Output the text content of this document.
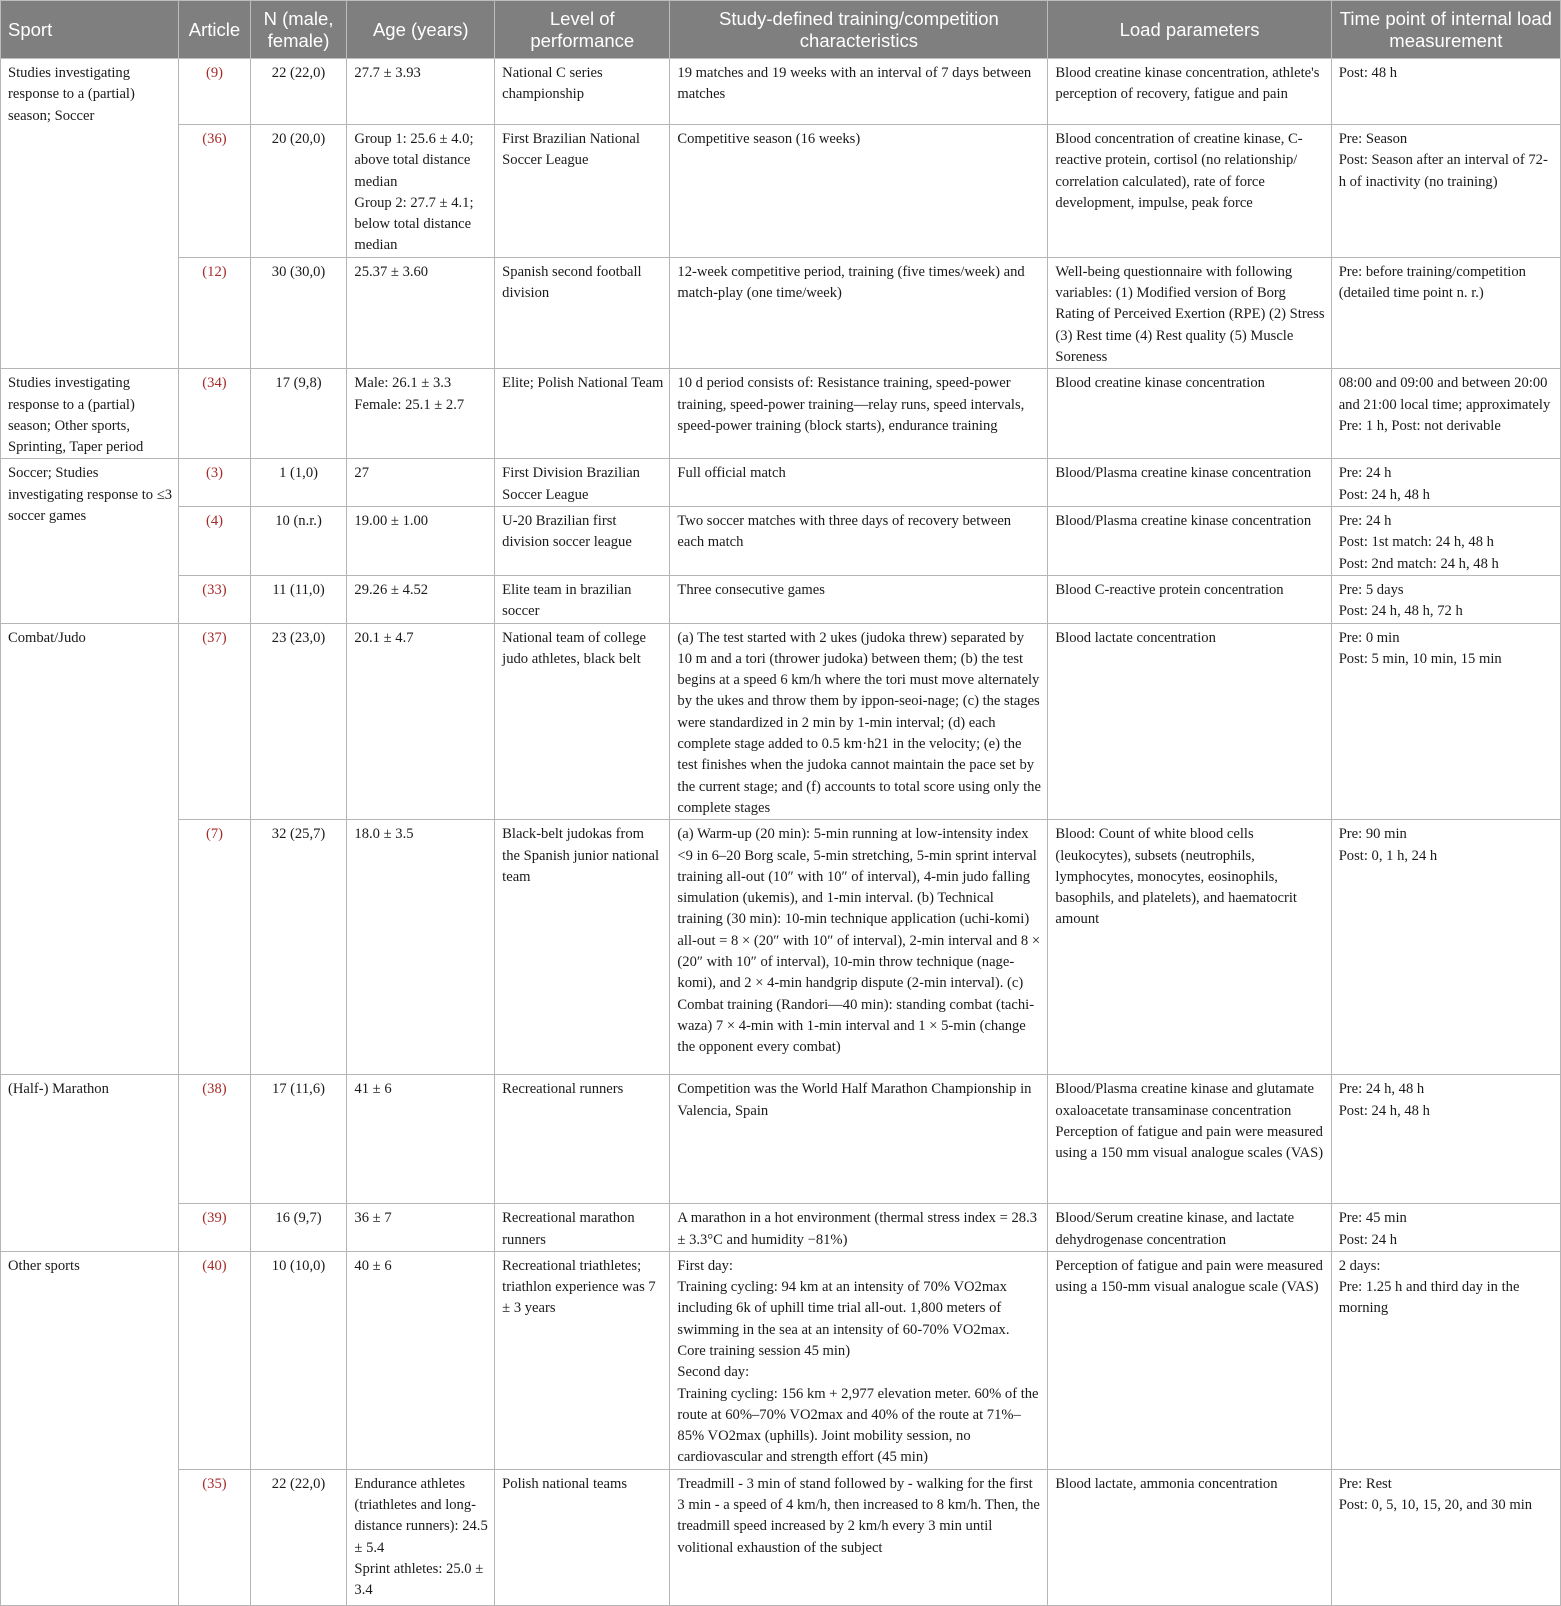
Sport	Article	N (male, female)	Age (years)	Level of performance	Study-defined training/competition characteristics	Load parameters	Time point of internal load measurement
Studies investigating response to a (partial) season; Soccer	(9)	22 (22,0)	27.7 ± 3.93	National C series championship	19 matches and 19 weeks with an interval of 7 days between matches	Blood creatine kinase concentration, athlete's perception of recovery, fatigue and pain	Post: 48 h

	(36)	20 (20,0)	Group 1: 25.6 ± 4.0; above total distance median
Group 2: 27.7 ± 4.1; below total distance median	First Brazilian National Soccer League	Competitive season (16 weeks)	Blood concentration of creatine kinase, C-reactive protein, cortisol (no relationship/ correlation calculated), rate of force development, impulse, peak force	Pre: Season
Post: Season after an interval of 72-h of inactivity (no training)

	(12)	30 (30,0)	25.37 ± 3.60	Spanish second football division	12-week competitive period, training (five times/week) and match-play (one time/week)	Well-being questionnaire with following variables: (1) Modified version of Borg Rating of Perceived Exertion (RPE) (2) Stress (3) Rest time (4) Rest quality (5) Muscle Soreness	Pre: before training/competition (detailed time point n. r.)

Studies investigating response to a (partial) season; Other sports, Sprinting, Taper period	(34)	17 (9,8)	Male: 26.1 ± 3.3
Female: 25.1 ± 2.7	Elite; Polish National Team	10 d period consists of: Resistance training, speed-power training, speed-power training—relay runs, speed intervals, speed-power training (block starts), endurance training	Blood creatine kinase concentration	08:00 and 09:00 and between 20:00 and 21:00 local time; approximately Pre: 1 h, Post: not derivable

Soccer; Studies investigating response to ≤3 soccer games	(3)	1 (1,0)	27	First Division Brazilian Soccer League	Full official match	Blood/Plasma creatine kinase concentration	Pre: 24 h
Post: 24 h, 48 h

	(4)	10 (n.r.)	19.00 ± 1.00	U-20 Brazilian first division soccer league	Two soccer matches with three days of recovery between each match	Blood/Plasma creatine kinase concentration	Pre: 24 h
Post: 1st match: 24 h, 48 h
Post: 2nd match: 24 h, 48 h

	(33)	11 (11,0)	29.26 ± 4.52	Elite team in brazilian soccer	Three consecutive games	Blood C-reactive protein concentration	Pre: 5 days
Post: 24 h, 48 h, 72 h

Combat/Judo	(37)	23 (23,0)	20.1 ± 4.7	National team of college judo athletes, black belt	(a) The test started with 2 ukes (judoka threw) separated by 10 m and a tori (thrower judoka) between them; (b) the test begins at a speed 6 km/h where the tori must move alternately by the ukes and throw them by ippon-seoi-nage; (c) the stages were standardized in 2 min by 1-min interval; (d) each complete stage added to 0.5 km·h21 in the velocity; (e) the test finishes when the judoka cannot maintain the pace set by the current stage; and (f) accounts to total score using only the complete stages	Blood lactate concentration	Pre: 0 min
Post: 5 min, 10 min, 15 min

	(7)	32 (25,7)	18.0 ± 3.5	Black-belt judokas from the Spanish junior national team	(a) Warm-up (20 min): 5-min running at low-intensity index <9 in 6–20 Borg scale, 5-min stretching, 5-min sprint interval training all-out (10″ with 10″ of interval), 4-min judo falling simulation (ukemis), and 1-min interval. (b) Technical training (30 min): 10-min technique application (uchi-komi) all-out = 8 × (20″ with 10″ of interval), 2-min interval and 8 × (20″ with 10″ of interval), 10-min throw technique (nage-komi), and 2 × 4-min handgrip dispute (2-min interval). (c) Combat training (Randori—40 min): standing combat (tachi-waza) 7 × 4-min with 1-min interval and 1 × 5-min (change the opponent every combat)	Blood: Count of white blood cells (leukocytes), subsets (neutrophils, lymphocytes, monocytes, eosinophils, basophils, and platelets), and haematocrit amount	Pre: 90 min
Post: 0, 1 h, 24 h

(Half-) Marathon	(38)	17 (11,6)	41 ± 6	Recreational runners	Competition was the World Half Marathon Championship in Valencia, Spain	Blood/Plasma creatine kinase and glutamate oxaloacetate transaminase concentration
Perception of fatigue and pain were measured using a 150 mm visual analogue scales (VAS)	Pre: 24 h, 48 h
Post: 24 h, 48 h

	(39)	16 (9,7)	36 ± 7	Recreational marathon runners	A marathon in a hot environment (thermal stress index = 28.3 ± 3.3°C and humidity −81%)	Blood/Serum creatine kinase, and lactate dehydrogenase concentration	Pre: 45 min
Post: 24 h

Other sports	(40)	10 (10,0)	40 ± 6	Recreational triathletes; triathlon experience was 7 ± 3 years	First day:
Training cycling: 94 km at an intensity of 70% VO2max including 6k of uphill time trial all-out. 1,800 meters of swimming in the sea at an intensity of 60-70% VO2max. Core training session 45 min)
Second day:
Training cycling: 156 km + 2,977 elevation meter. 60% of the route at 60%–70% VO2max and 40% of the route at 71%–85% VO2max (uphills). Joint mobility session, no cardiovascular and strength effort (45 min)	Perception of fatigue and pain were measured using a 150-mm visual analogue scale (VAS)	2 days:
Pre: 1.25 h and third day in the morning

	(35)	22 (22,0)	Endurance athletes (triathletes and long-distance runners): 24.5 ± 5.4
Sprint athletes: 25.0 ± 3.4	Polish national teams	Treadmill - 3 min of stand followed by - walking for the first 3 min - a speed of 4 km/h, then increased to 8 km/h. Then, the treadmill speed increased by 2 km/h every 3 min until volitional exhaustion of the subject	Blood lactate, ammonia concentration	Pre: Rest
Post: 0, 5, 10, 15, 20, and 30 min
